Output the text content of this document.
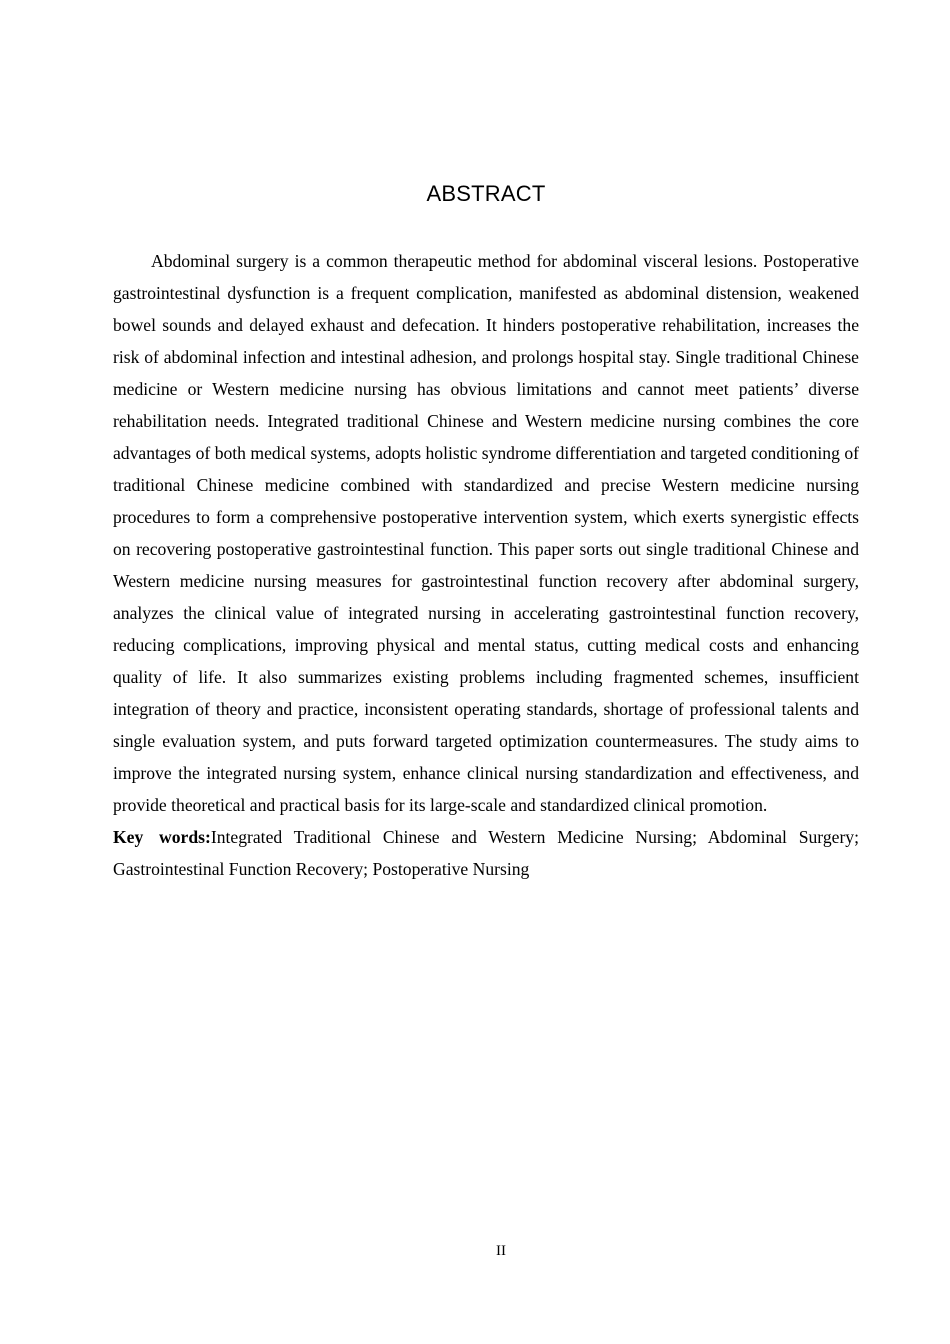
ABSTRACT

Abdominal surgery is a common therapeutic method for abdominal visceral lesions. Postoperative gastrointestinal dysfunction is a frequent complication, manifested as abdominal distension, weakened bowel sounds and delayed exhaust and defecation. It hinders postoperative rehabilitation, increases the risk of abdominal infection and intestinal adhesion, and prolongs hospital stay. Single traditional Chinese medicine or Western medicine nursing has obvious limitations and cannot meet patients’ diverse rehabilitation needs. Integrated traditional Chinese and Western medicine nursing combines the core advantages of both medical systems, adopts holistic syndrome differentiation and targeted conditioning of traditional Chinese medicine combined with standardized and precise Western medicine nursing procedures to form a comprehensive postoperative intervention system, which exerts synergistic effects on recovering postoperative gastrointestinal function. This paper sorts out single traditional Chinese and Western medicine nursing measures for gastrointestinal function recovery after abdominal surgery, analyzes the clinical value of integrated nursing in accelerating gastrointestinal function recovery, reducing complications, improving physical and mental status, cutting medical costs and enhancing quality of life. It also summarizes existing problems including fragmented schemes, insufficient integration of theory and practice, inconsistent operating standards, shortage of professional talents and single evaluation system, and puts forward targeted optimization countermeasures. The study aims to improve the integrated nursing system, enhance clinical nursing standardization and effectiveness, and provide theoretical and practical basis for its large-scale and standardized clinical promotion.

Key words:Integrated Traditional Chinese and Western Medicine Nursing; Abdominal Surgery; Gastrointestinal Function Recovery; Postoperative Nursing

II
